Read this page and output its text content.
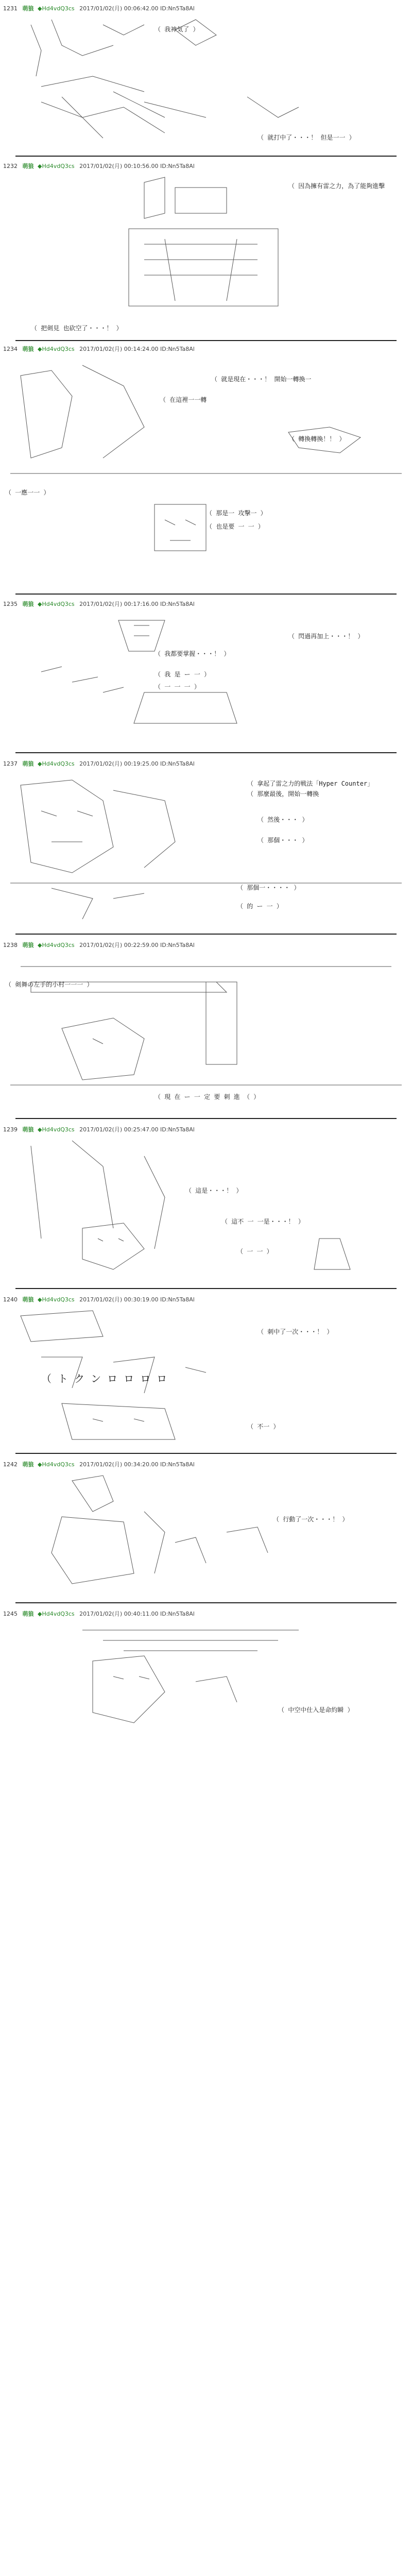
1231 萌狼 ◆Hd4vdQ3cs 2017/01/02(月) 00:06:42.00 ID:Nn5Ta8Al
（ 我神気了 ）
（ 就打中了・・・！ 但是一一 ）
1232 萌狼 ◆Hd4vdQ3cs 2017/01/02(月) 00:10:56.00 ID:Nn5Ta8Al
（ 因為擁有雷之力，為了能夠進擊
（ 把剣見 也砍空了・・・！ ）
1234 萌狼 ◆Hd4vdQ3cs 2017/01/02(月) 00:14:24.00 ID:Nn5Ta8Al
（ 就是現在・・・！ 開始一轉換一
（ 在這裡一一轉
（ 轉換轉換！！ ）
（ 一應一一 ）
（ 那是一 攻撃一 ）
（ 也是要 一 一 ）
1235 萌狼 ◆Hd4vdQ3cs 2017/01/02(月) 00:17:16.00 ID:Nn5Ta8Al
（ 閃過再加上・・・！ ）
（ 我都要掌握・・・！ ）
（ 我 是 ー 一 ）
（ 一 一 一 ）
1237 萌狼 ◆Hd4vdQ3cs 2017/01/02(月) 00:19:25.00 ID:Nn5Ta8Al
（ 拿起了雷之力的戦法「Hyper Counter」
（ 那麼最後，開始一轉換
（ 然後・・・ ）
（ 那個・・・ ）
（ 那個一・・・・ ）
（ 的 ー 一 ）
1238 萌狼 ◆Hd4vdQ3cs 2017/01/02(月) 00:22:59.00 ID:Nn5Ta8Al
（ 剣舞の左手的小村一一一 ）
（ 現 在 ー 一 定 要 刺 進 （ ）
1239 萌狼 ◆Hd4vdQ3cs 2017/01/02(月) 00:25:47.00 ID:Nn5Ta8Al
（ 這是・・・！ ）
（ 這不 一 一是・・・！ ）
（ 一 一 ）
1240 萌狼 ◆Hd4vdQ3cs 2017/01/02(月) 00:30:19.00 ID:Nn5Ta8Al
（ 刺中了一次・・・！ ）
（ ト ク ン ロ ロ ロ ロ
（ 不一 ）
1242 萌狼 ◆Hd4vdQ3cs 2017/01/02(月) 00:34:20.00 ID:Nn5Ta8Al
（ 行動了一次・・・！ ）
1245 萌狼 ◆Hd4vdQ3cs 2017/01/02(月) 00:40:11.00 ID:Nn5Ta8Al
（ 中空中仕入是命約瞬 ）
